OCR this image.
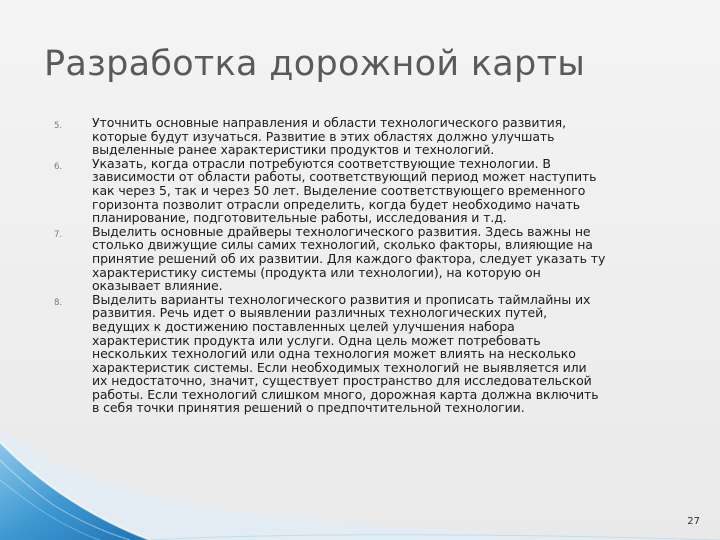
Разработка дорожной карты
5. Уточнить основные направления и области технологического развития,
которые будут изучаться. Развитие в этих областях должно улучшать
выделенные ранее характеристики продуктов и технологий.
6. Указать, когда отрасли потребуются соответствующие технологии. В
зависимости от области работы, соответствующий период может наступить
как через 5, так и через 50 лет. Выделение соответствующего временного
горизонта позволит отрасли определить, когда будет необходимо начать
планирование, подготовительные работы, исследования и т.д.
7. Выделить основные драйверы технологического развития. Здесь важны не
столько движущие силы самих технологий, сколько факторы, влияющие на
принятие решений об их развитии. Для каждого фактора, следует указать ту
характеристику системы (продукта или технологии), на которую он
оказывает влияние.
8. Выделить варианты технологического развития и прописать таймлайны их
развития. Речь идет о выявлении различных технологических путей,
ведущих к достижению поставленных целей улучшения набора
характеристик продукта или услуги. Одна цель может потребовать
нескольких технологий или одна технология может влиять на несколько
характеристик системы. Если необходимых технологий не выявляется или
их недостаточно, значит, существует пространство для исследовательской
работы. Если технологий слишком много, дорожная карта должна включить
в себя точки принятия решений о предпочтительной технологии.
27
